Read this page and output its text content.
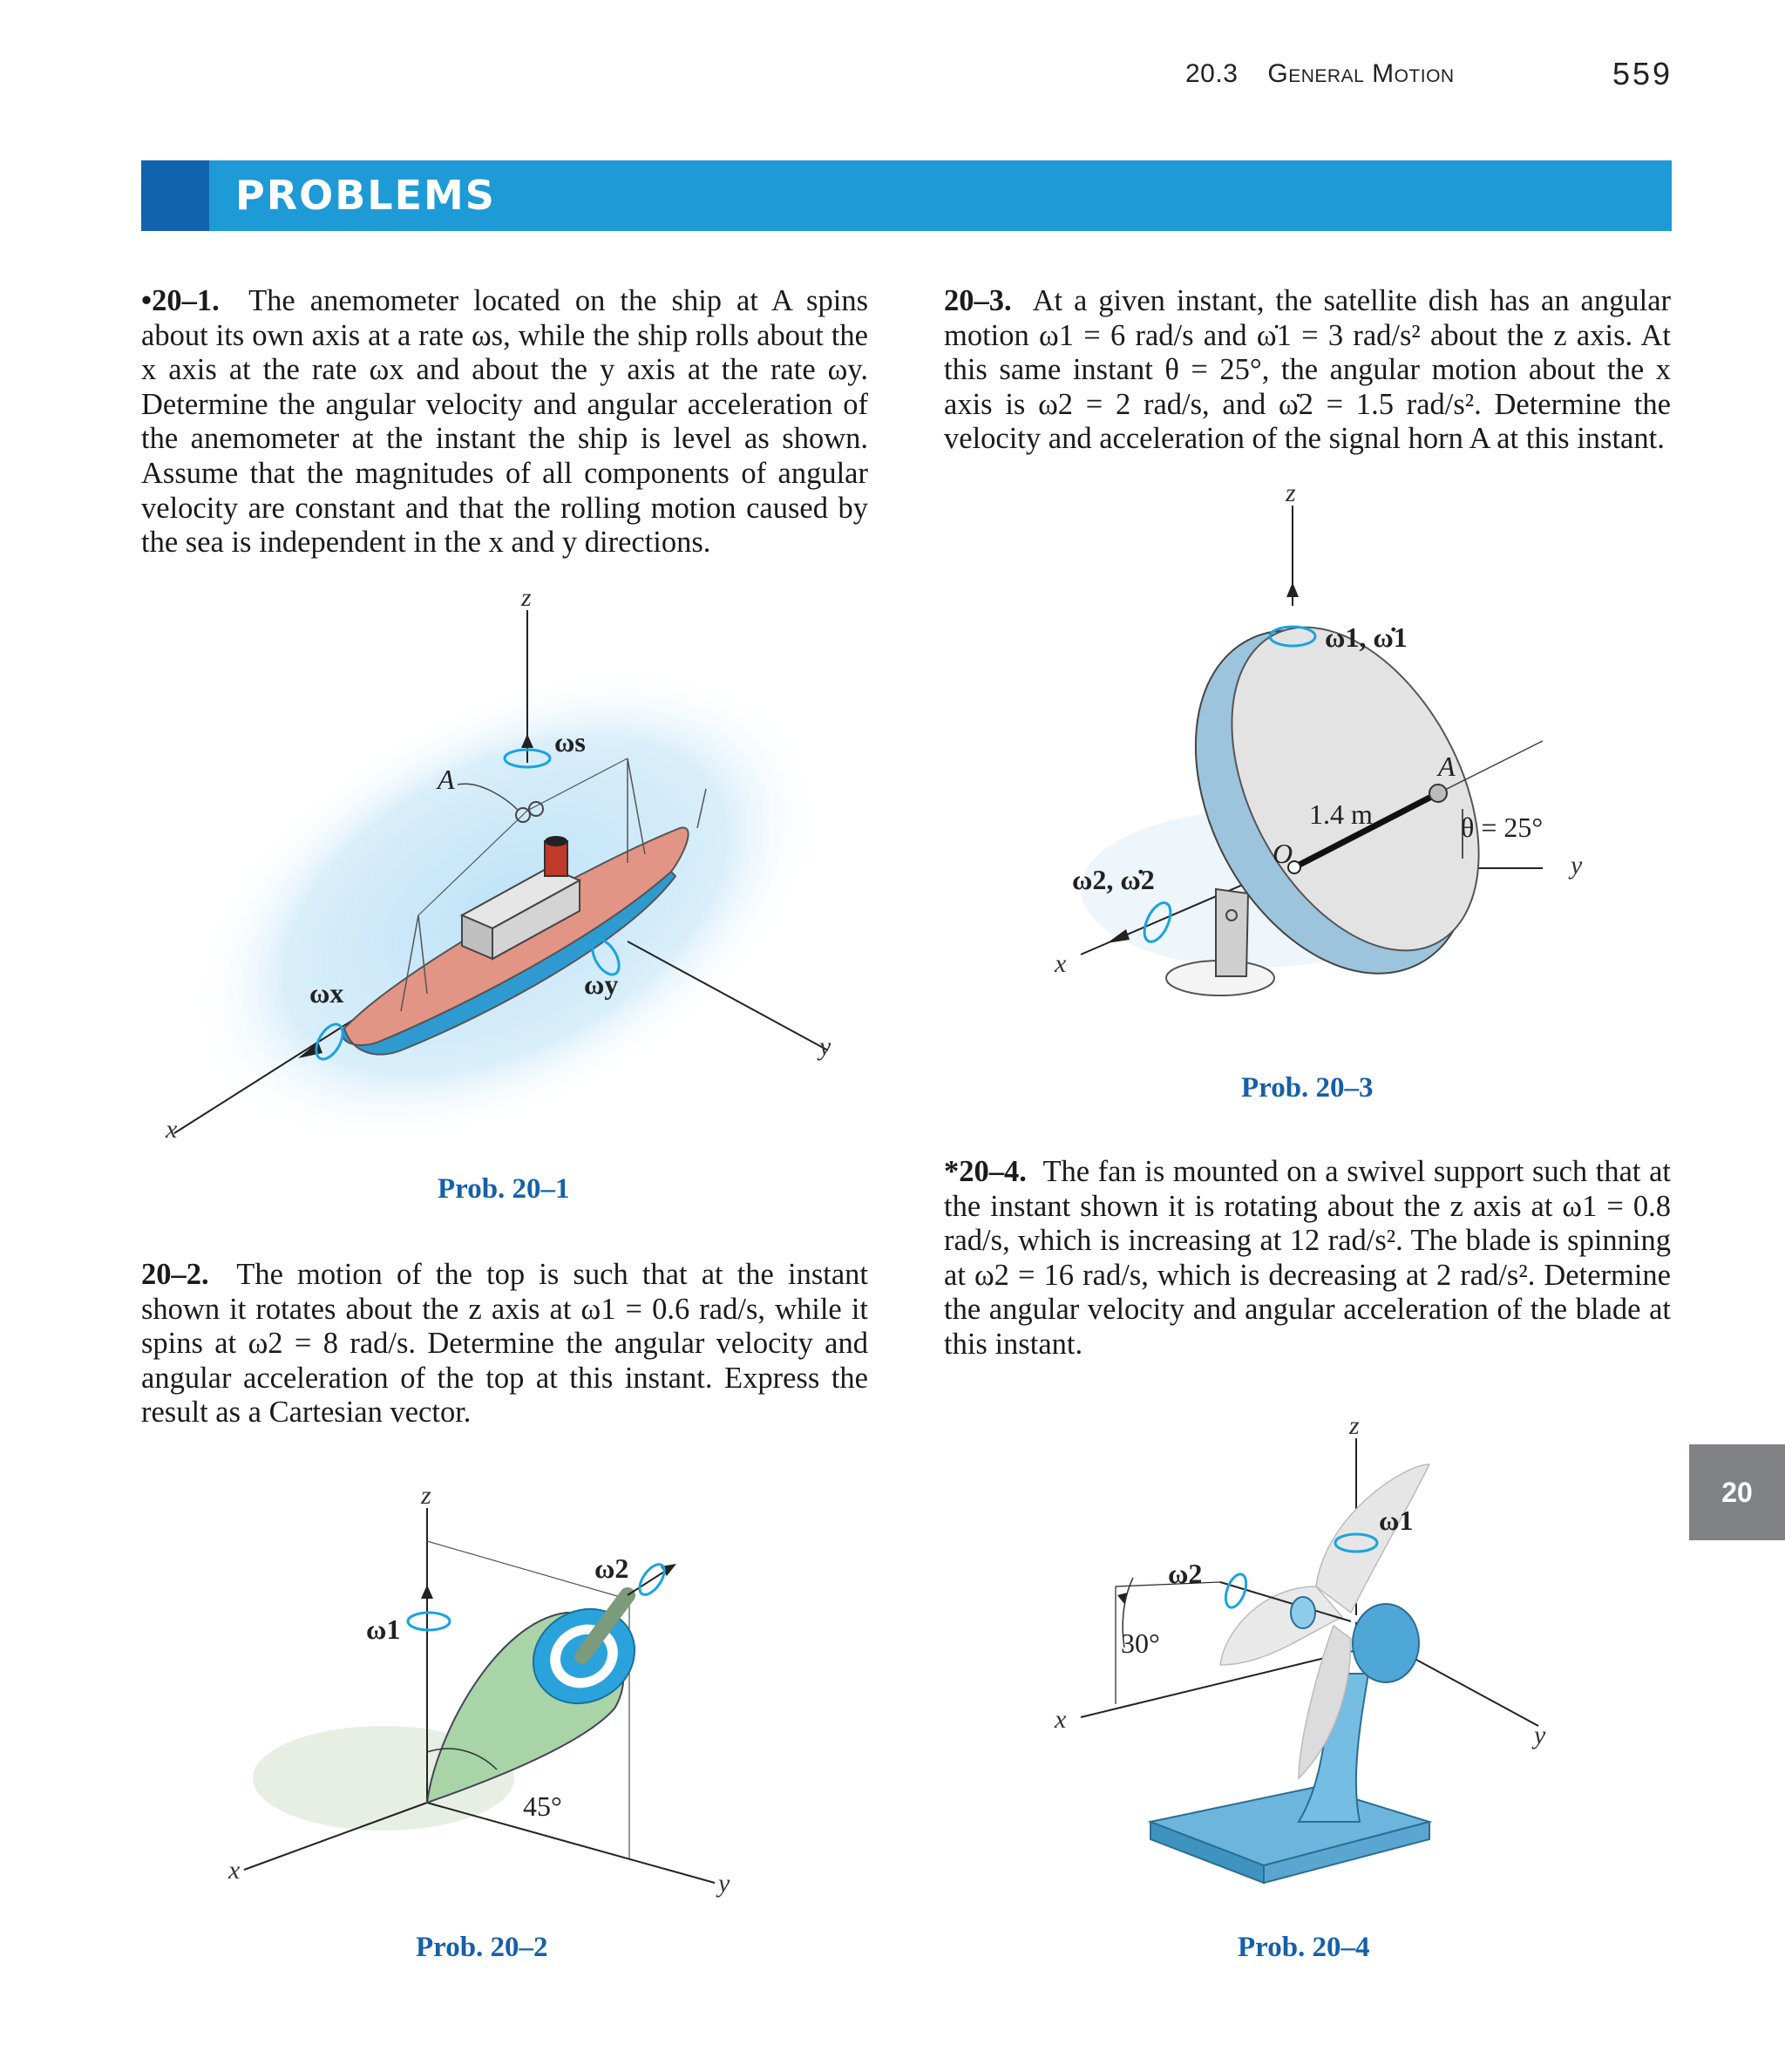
20.3 General Motion	559
PROBLEMS
•20–1. The anemometer located on the ship at A spins about its own axis at a rate ωs, while the ship rolls about the x axis at the rate ωx and about the y axis at the rate ωy. Determine the angular velocity and angular acceleration of the anemometer at the instant the ship is level as shown. Assume that the magnitudes of all components of angular velocity are constant and that the rolling motion caused by the sea is independent in the x and y directions.
z
x
y
A
ωs
ωx	ωy
Prob. 20–1
20–2. The motion of the top is such that at the instant shown it rotates about the z axis at ω1 = 0.6 rad/s, while it spins at ω2 = 8 rad/s. Determine the angular velocity and angular acceleration of the top at this instant. Express the result as a Cartesian vector.
z
x	y
ω1
ω2
45°
Prob. 20–2
20–3. At a given instant, the satellite dish has an angular motion ω1 = 6 rad/s and ω̇1 = 3 rad/s² about the z axis. At this same instant θ = 25°, the angular motion about the x axis is ω2 = 2 rad/s, and ω̇2 = 1.5 rad/s². Determine the velocity and acceleration of the signal horn A at this instant.
z
y
x
O
A
1.4 m	θ = 25°
ω1, ω̇1
ω2, ω̇2
Prob. 20–3
*20–4. The fan is mounted on a swivel support such that at the instant shown it is rotating about the z axis at ω1 = 0.8 rad/s, which is increasing at 12 rad/s². The blade is spinning at ω2 = 16 rad/s, which is decreasing at 2 rad/s². Determine the angular velocity and angular acceleration of the blade at this instant.
z
x
y
30°
ω1
ω2
Prob. 20–4
20
